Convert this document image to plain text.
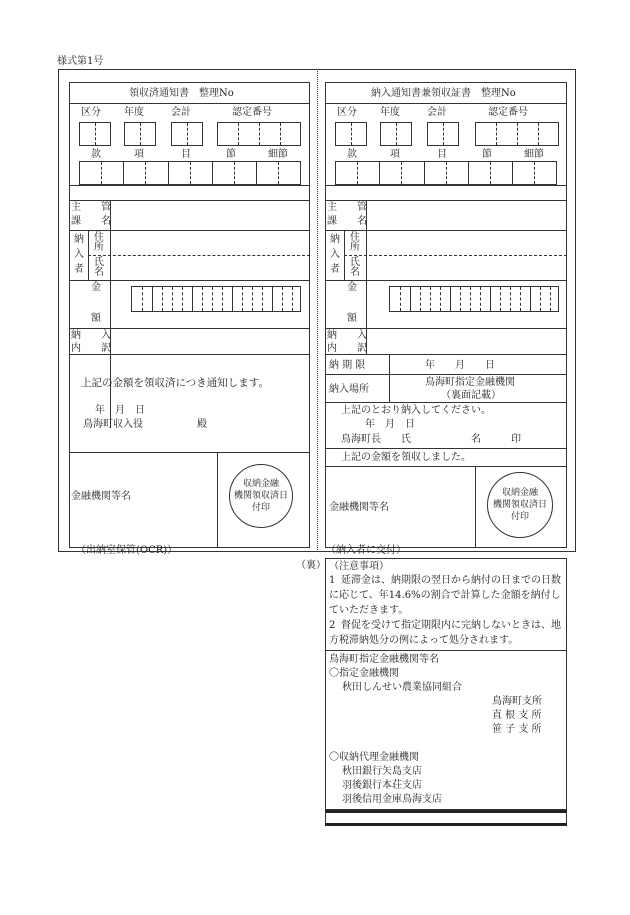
様式第1号
領収済通知書　整理No
区分 年度	会計	認定番号
款	項	目	節	細節
主　　管
課　　名
納
入
者
住
所
氏
名
金
額
納　　入
内　　訳
上記の金額を領収済につき通知します。
年　月　日
鳥海町収入役	殿
金融機関等名
収納金融
機関領収済日
付印
（出納室保管(OCR)）
納入通知書兼領収証書　整理No
区分 年度	会計	認定番号
款	項	目	節	細節
主　　管
課　　名
納
入
者
住
所
氏
名
金
額
納　　入
内　　訳
納 期 限	年　　月　　日
納入場所
鳥海町指定金融機関
（裏面記載）
上記のとおり納入してください。
年　月　日
鳥海町長 氏　　　　　　名　　　印
上記の金額を領収しました。
金融機関等名
収納金融
機関領収済日
付印
（納入者に交付）
（裏） （注意事項）
1 延滞金は、納期限の翌日から納付の日までの日数に応じて、年14.6%の割合で計算した金額を納付していただきます。
2 督促を受けて指定期限内に完納しないときは、地方税滞納処分の例によって処分されます。
鳥海町指定金融機関等名
〇指定金融機関
秋田しんせい農業協同組合
鳥海町支所
直 根 支 所
笹 子 支 所
〇収納代理金融機関
秋田銀行矢島支店
羽後銀行本荘支店
羽後信用金庫鳥海支店
